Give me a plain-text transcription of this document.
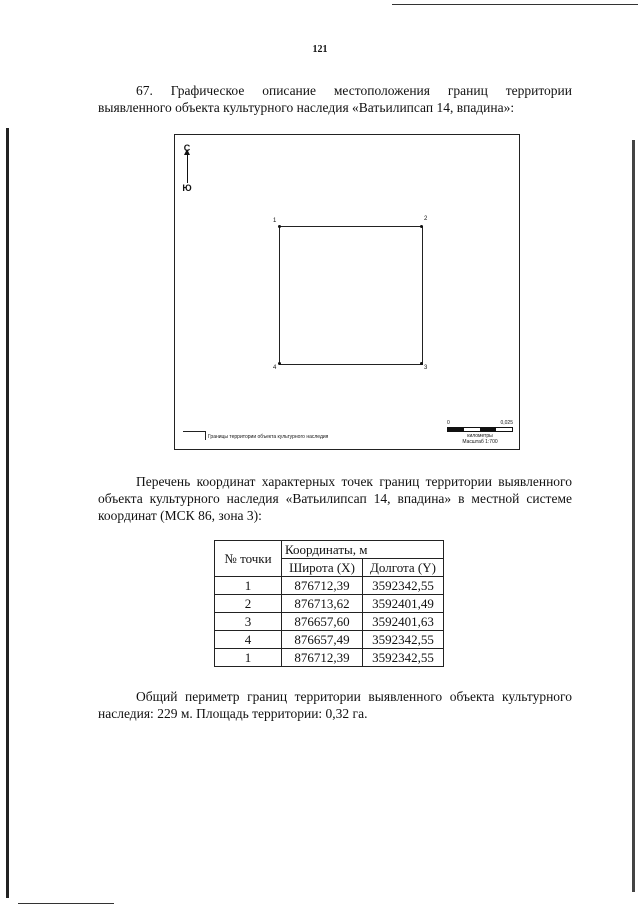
121
67. Графическое описание местоположения границ территории выявленного объекта культурного наследия «Ватьилипсап 14, впадина»:
С
Ю
1	2
3
4
Границы территории объекта культурного наследия
0	0,025
километры
Масштаб 1:700
Перечень координат характерных точек границ территории выявленного объекта культурного наследия «Ватьилипсап 14, впадина» в местной системе координат (МСК 86, зона 3):
№ точки	Координаты, м	
	Широта (X)	Долгота (Y)
1	876712,39	3592342,55
2	876713,62	3592401,49
3	876657,60	3592401,63
4	876657,49	3592342,55
1	876712,39	3592342,55
Общий периметр границ территории выявленного объекта культурного наследия: 229 м. Площадь территории: 0,32 га.
